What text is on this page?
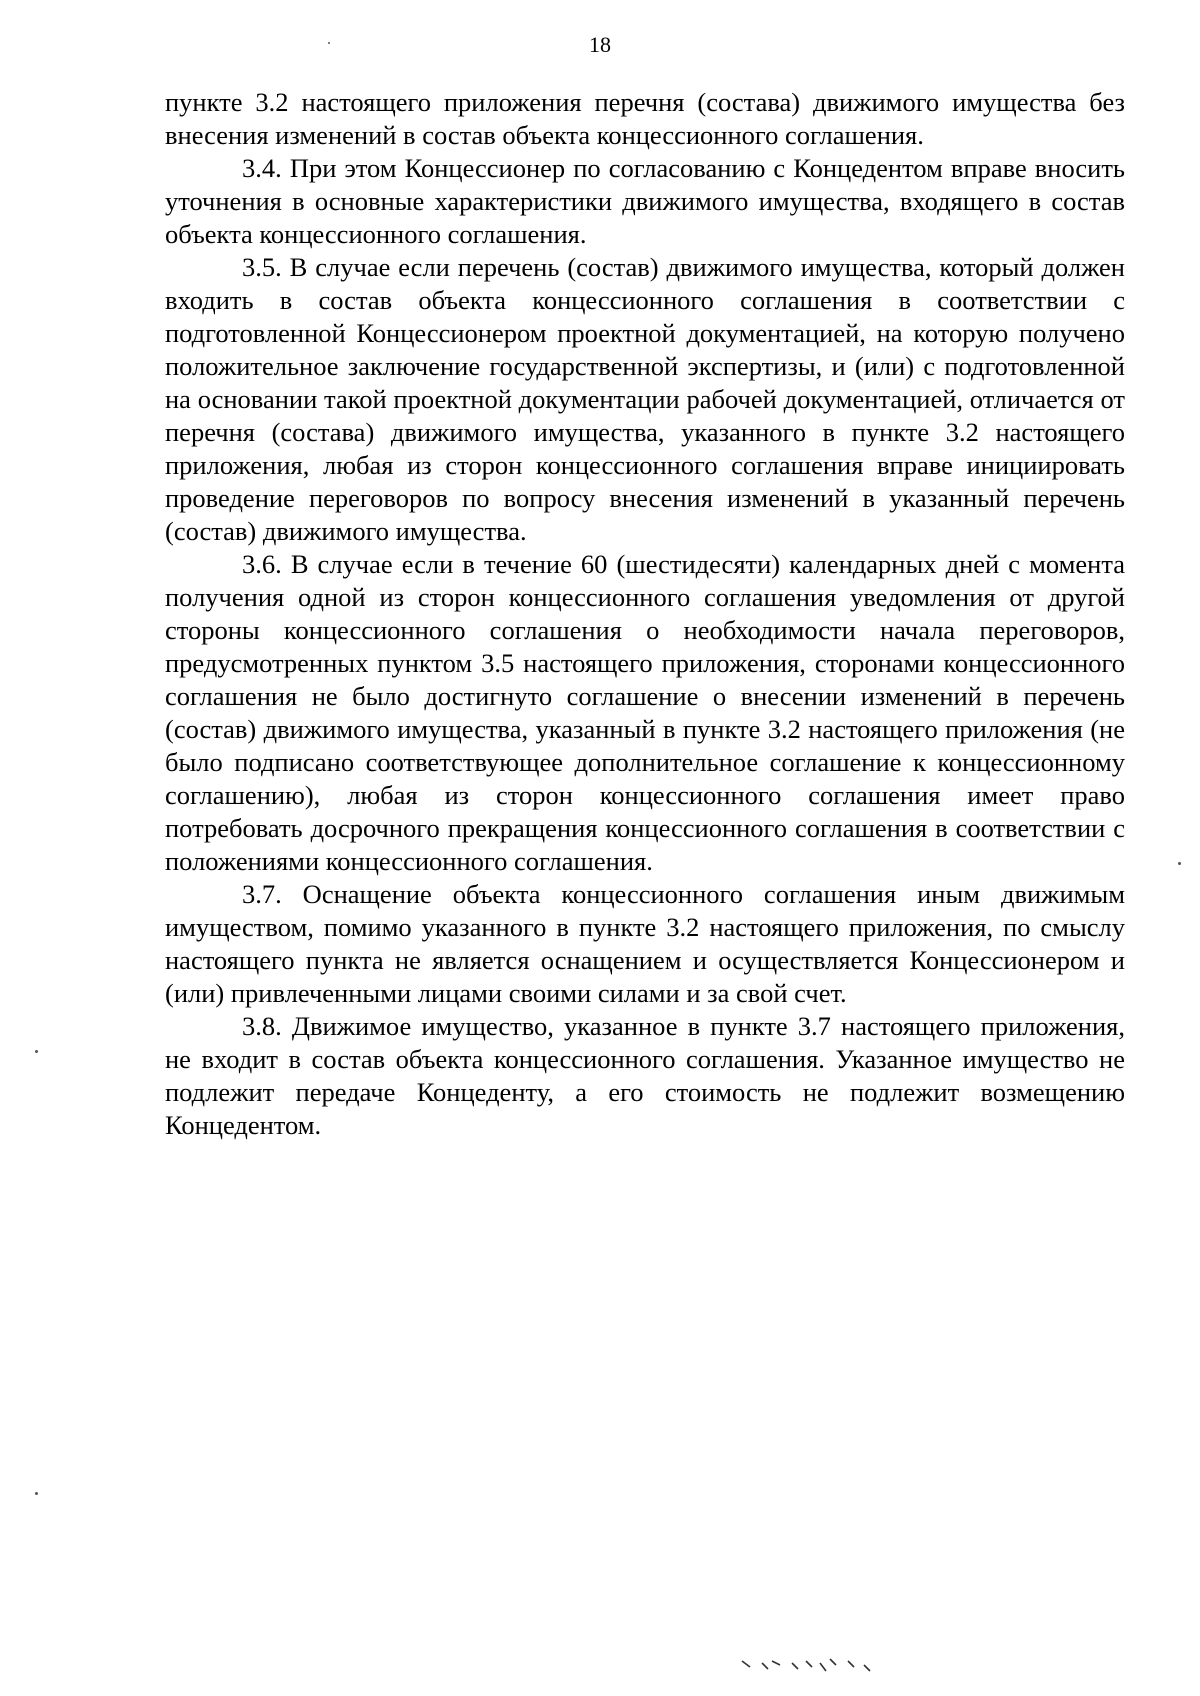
18

пункте 3.2 настоящего приложения перечня (состава) движимого имущества без внесения изменений в состав объекта концессионного соглашения.

3.4. При этом Концессионер по согласованию с Концедентом вправе вносить уточнения в основные характеристики движимого имущества, входящего в состав объекта концессионного соглашения.

3.5. В случае если перечень (состав) движимого имущества, который должен входить в состав объекта концессионного соглашения в соответствии с подготовленной Концессионером проектной документацией, на которую получено положительное заключение государственной экспертизы, и (или) с подготовленной на основании такой проектной документации рабочей документацией, отличается от перечня (состава) движимого имущества, указанного в пункте 3.2 настоящего приложения, любая из сторон концессионного соглашения вправе инициировать проведение переговоров по вопросу внесения изменений в указанный перечень (состав) движимого имущества.

3.6. В случае если в течение 60 (шестидесяти) календарных дней с момента получения одной из сторон концессионного соглашения уведомления от другой стороны концессионного соглашения о необходимости начала переговоров, предусмотренных пунктом 3.5 настоящего приложения, сторонами концессионного соглашения не было достигнуто соглашение о внесении изменений в перечень (состав) движимого имущества, указанный в пункте 3.2 настоящего приложения (не было подписано соответствующее дополнительное соглашение к концессионному соглашению), любая из сторон концессионного соглашения имеет право потребовать досрочного прекращения концессионного соглашения в соответствии с положениями концессионного соглашения.

3.7. Оснащение объекта концессионного соглашения иным движимым имуществом, помимо указанного в пункте 3.2 настоящего приложения, по смыслу настоящего пункта не является оснащением и осуществляется Концессионером и (или) привлеченными лицами своими силами и за свой счет.

3.8. Движимое имущество, указанное в пункте 3.7 настоящего приложения, не входит в состав объекта концессионного соглашения. Указанное имущество не подлежит передаче Концеденту, а его стоимость не подлежит возмещению Концедентом.
